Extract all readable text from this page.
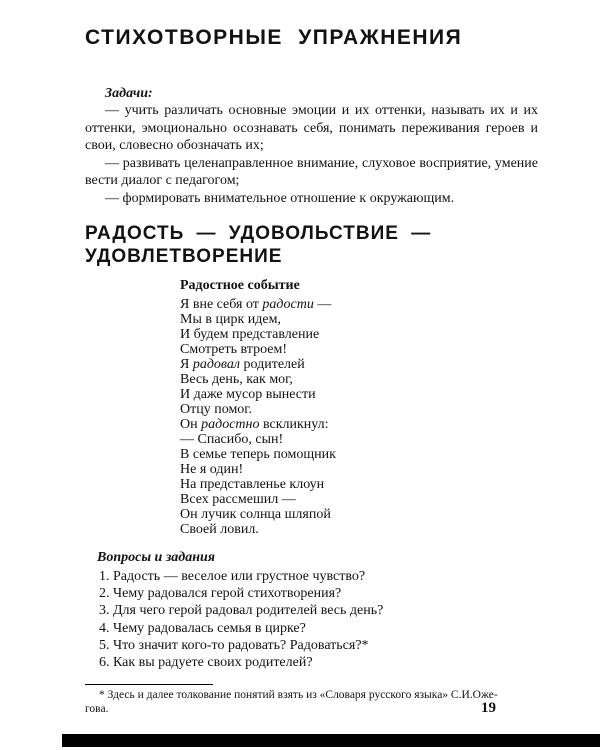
СТИХОТВОРНЫЕ УПРАЖНЕНИЯ
Задачи:

— учить различать основные эмоции и их оттенки, называть их и их оттенки, эмоционально осознавать себя, понимать переживания героев и свои, словесно обозначать их;

— развивать целенаправленное внимание, слуховое восприятие, умение вести диалог с педагогом;

— формировать внимательное отношение к окружающим.

РАДОСТЬ — УДОВОЛЬСТВИЕ — УДОВЛЕТВОРЕНИЕ
Радостное событие
Я вне себя от радости —
Мы в цирк идем,
И будем представление
Смотреть втроем!
Я радовал родителей
Весь день, как мог,
И даже мусор вынести
Отцу помог.
Он радостно вскликнул:
— Спасибо, сын!
В семье теперь помощник
Не я один!
На представленье клоун
Всех рассмешил —
Он лучик солнца шляпой
Своей ловил.
Вопросы и задания
1. Радость — веселое или грустное чувство?
2. Чему радовался герой стихотворения?
3. Для чего герой радовал родителей весь день?
4. Чему радовалась семья в цирке?
5. Что значит кого-то радовать? Радоваться?*
6. Как вы радуете своих родителей?
* Здесь и далее толкование понятий взять из «Словаря русского языка» С.И.Оже-
гова.	19
